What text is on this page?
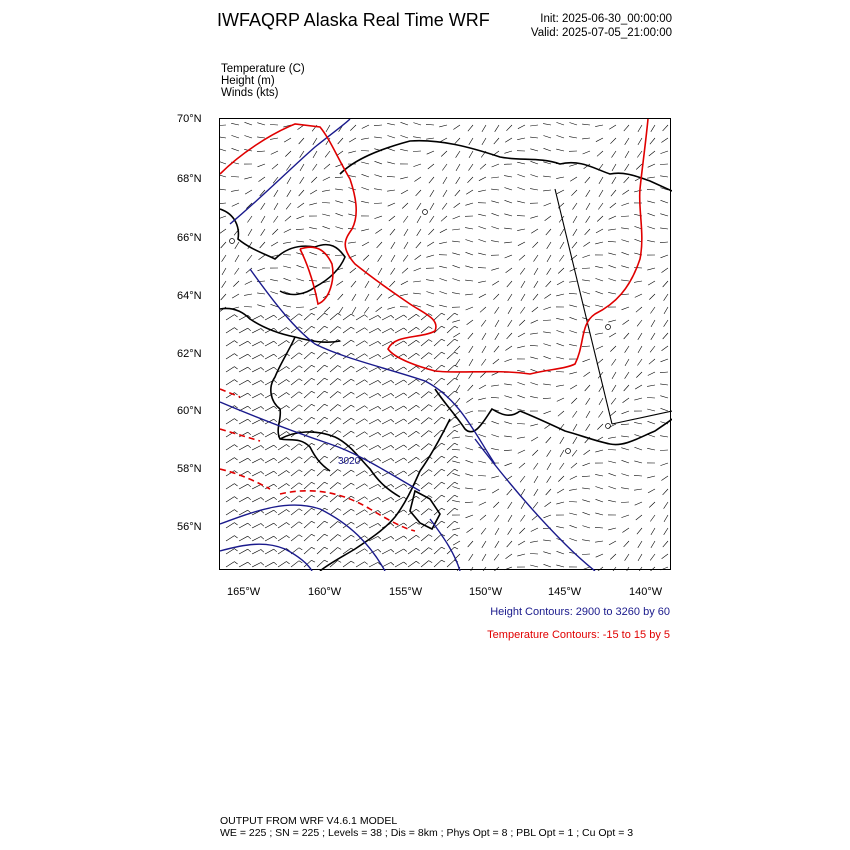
IWFAQRP Alaska Real Time WRF	Init: 2025-06-30_00:00:00
Valid: 2025-07-05_21:00:00
Temperature (C)
Height (m)
Winds (kts)
70°N
68°N
66°N
64°N
62°N
60°N
58°N
56°N
3020
165°W	160°W	155°W	150°W	145°W	140°W
Height Contours: 2900 to 3260 by 60
Temperature Contours: -15 to 15 by 5
OUTPUT FROM WRF V4.6.1 MODEL
WE = 225 ; SN = 225 ; Levels = 38 ; Dis = 8km ; Phys Opt = 8 ; PBL Opt = 1 ; Cu Opt = 3
